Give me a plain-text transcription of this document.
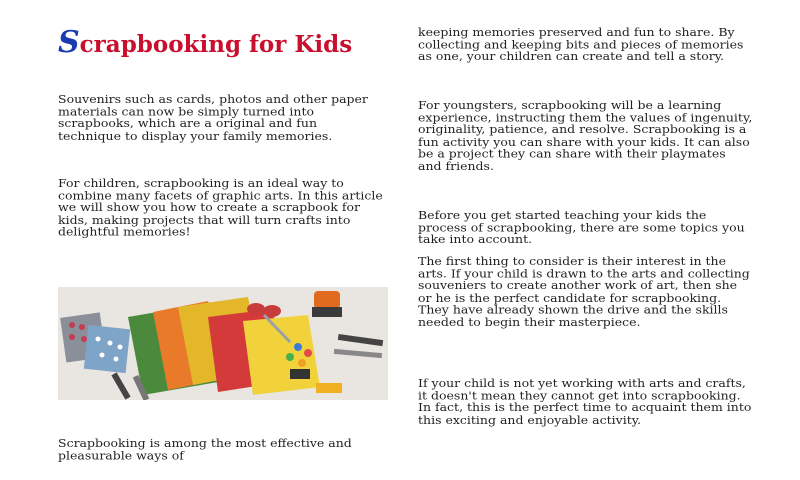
Scrapbooking for Kids

Souvenirs such as cards, photos and other paper materials can now be simply turned into scrapbooks, which are a original and fun technique to display your family memories.

For children, scrapbooking is an ideal way to combine many facets of graphic arts. In this article we will show you how to create a scrapbook for kids, making projects that will turn crafts into delightful memories!

Scrapbooking is among the most effective and pleasurable ways of

keeping memories preserved and fun to share. By collecting and keeping bits and pieces of memories as one, your children can create and tell a story.

For youngsters, scrapbooking will be a learning experience, instructing them the values of ingenuity, originality, patience, and resolve. Scrapbooking is a fun activity you can share with your kids. It can also be a project they can share with their playmates and friends.

Before you get started teaching your kids the process of scrapbooking, there are some topics you take into account.

The first thing to consider is their interest in the arts. If your child is drawn to the arts and collecting souveniers to create another work of art, then she or he is the perfect candidate for scrapbooking. They have already shown the drive and the skills needed to begin their masterpiece.

If your child is not yet working with arts and crafts, it doesn't mean they cannot get into scrapbooking. In fact, this is the perfect time to acquaint them into this exciting and enjoyable activity.
